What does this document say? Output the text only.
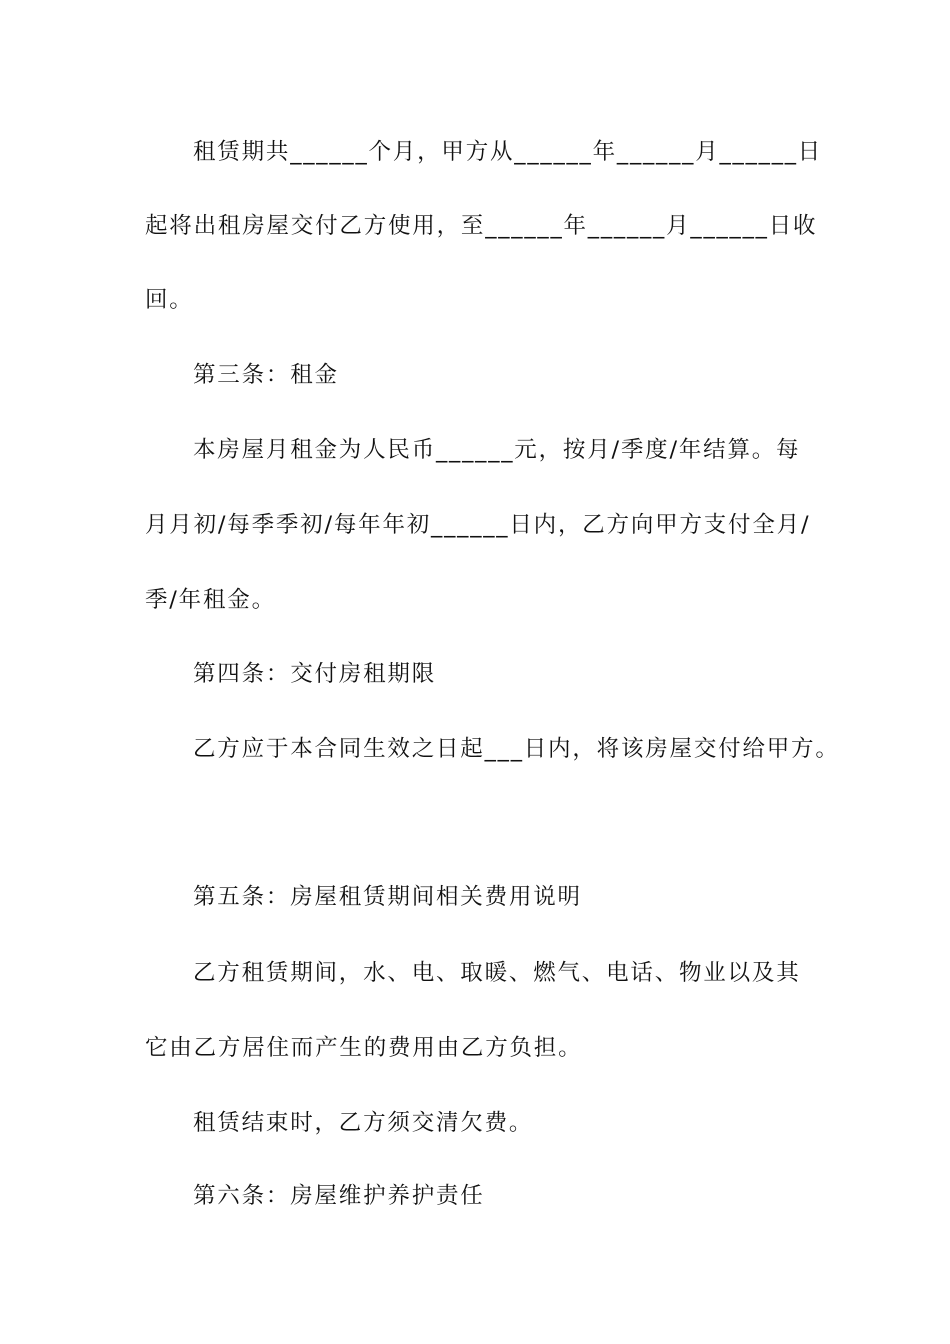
租赁期共______个月，甲方从______年______月______日
起将出租房屋交付乙方使用，至______年______月______日收
回。
第三条：租金
本房屋月租金为人民币______元，按月/季度/年结算。每
月月初/每季季初/每年年初______日内，乙方向甲方支付全月/
季/年租金。
第四条：交付房租期限
乙方应于本合同生效之日起___日内，将该房屋交付给甲方。
第五条：房屋租赁期间相关费用说明
乙方租赁期间，水、电、取暖、燃气、电话、物业以及其
它由乙方居住而产生的费用由乙方负担。
租赁结束时，乙方须交清欠费。
第六条：房屋维护养护责任
